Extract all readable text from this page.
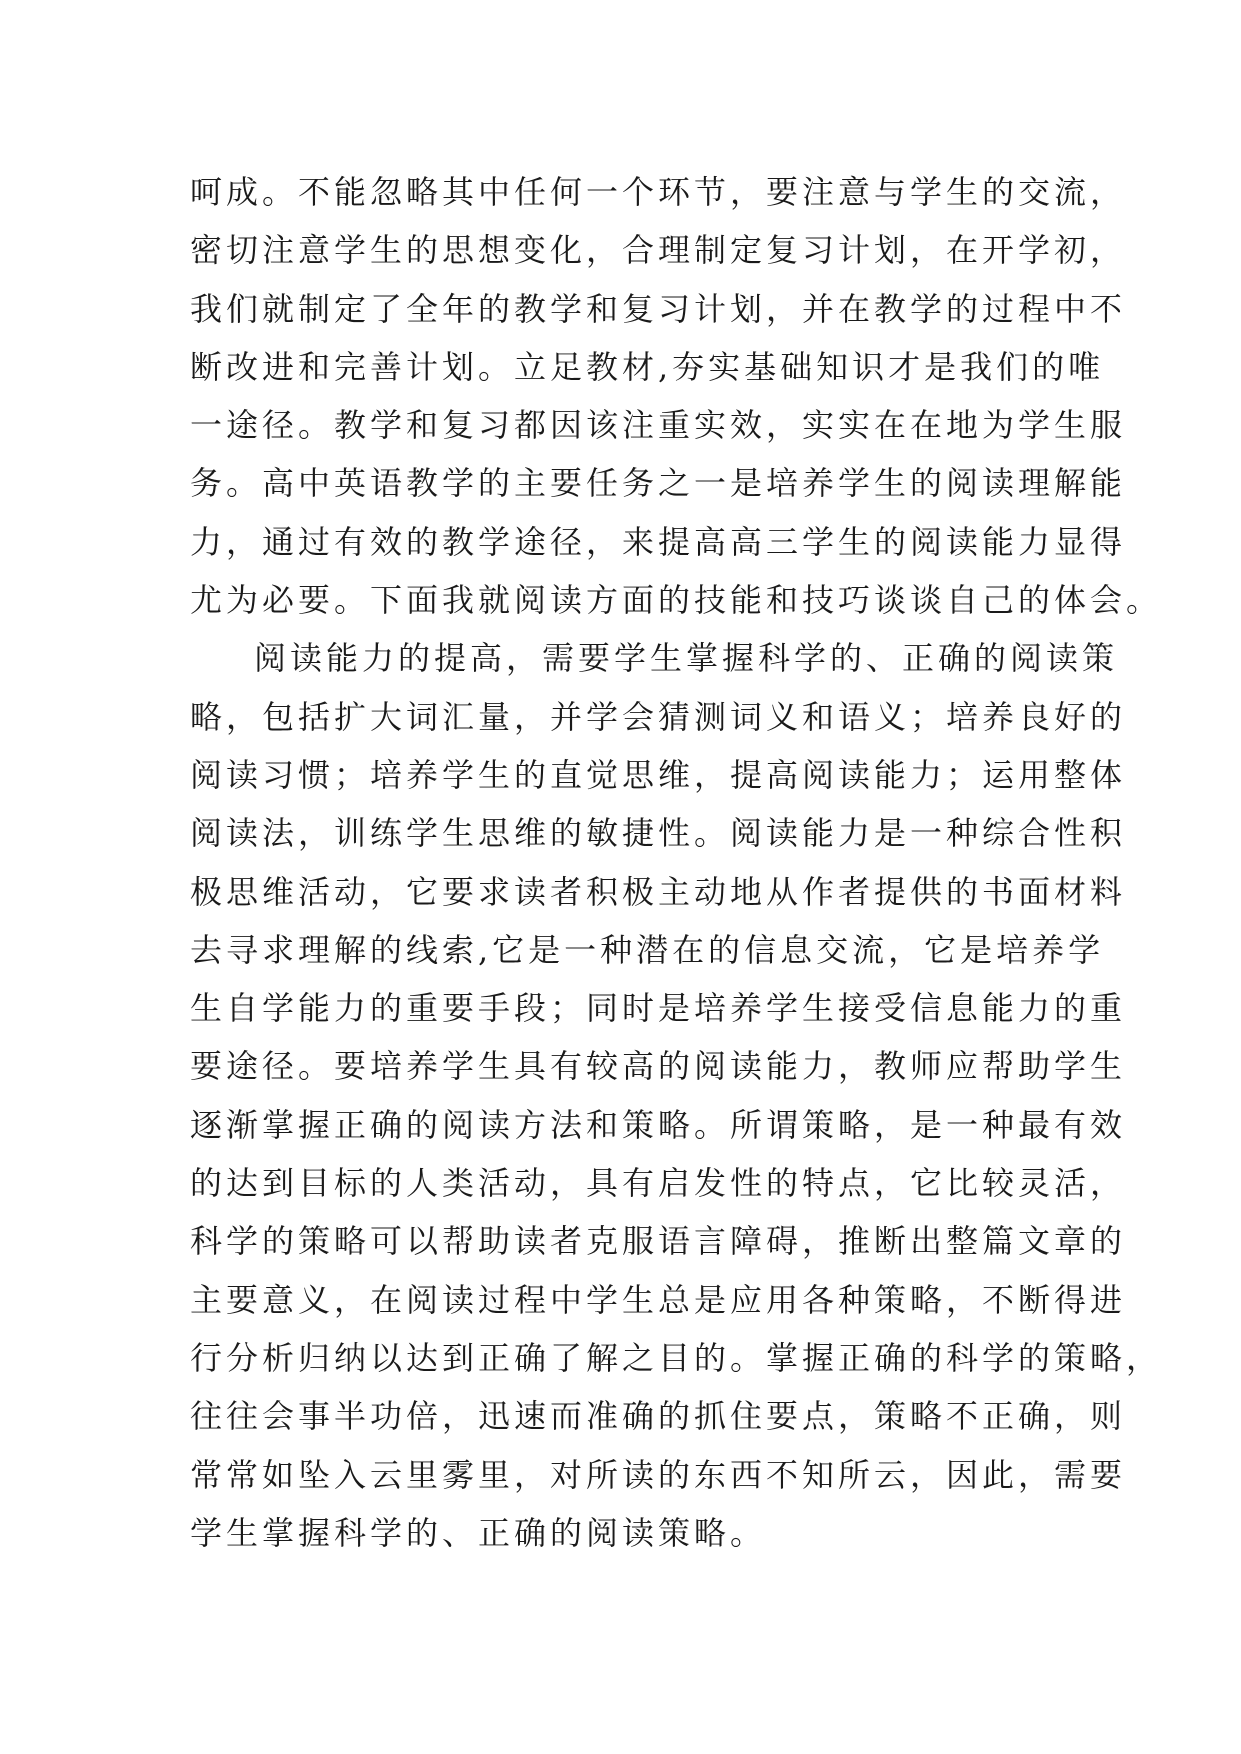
呵成。不能忽略其中任何一个环节，要注意与学生的交流，
密切注意学生的思想变化，合理制定复习计划，在开学初，
我们就制定了全年的教学和复习计划，并在教学的过程中不
断改进和完善计划。立足教材,夯实基础知识才是我们的唯
一途径。教学和复习都因该注重实效，实实在在地为学生服
务。高中英语教学的主要任务之一是培养学生的阅读理解能
力，通过有效的教学途径，来提高高三学生的阅读能力显得
尤为必要。下面我就阅读方面的技能和技巧谈谈自己的体会。
阅读能力的提高，需要学生掌握科学的、正确的阅读策
略，包括扩大词汇量，并学会猜测词义和语义；培养良好的
阅读习惯；培养学生的直觉思维，提高阅读能力；运用整体
阅读法，训练学生思维的敏捷性。阅读能力是一种综合性积
极思维活动，它要求读者积极主动地从作者提供的书面材料
去寻求理解的线索,它是一种潜在的信息交流，它是培养学
生自学能力的重要手段；同时是培养学生接受信息能力的重
要途径。要培养学生具有较高的阅读能力，教师应帮助学生
逐渐掌握正确的阅读方法和策略。所谓策略，是一种最有效
的达到目标的人类活动，具有启发性的特点，它比较灵活，
科学的策略可以帮助读者克服语言障碍，推断出整篇文章的
主要意义，在阅读过程中学生总是应用各种策略，不断得进
行分析归纳以达到正确了解之目的。掌握正确的科学的策略，
往往会事半功倍，迅速而准确的抓住要点，策略不正确，则
常常如坠入云里雾里，对所读的东西不知所云，因此，需要
学生掌握科学的、正确的阅读策略。
